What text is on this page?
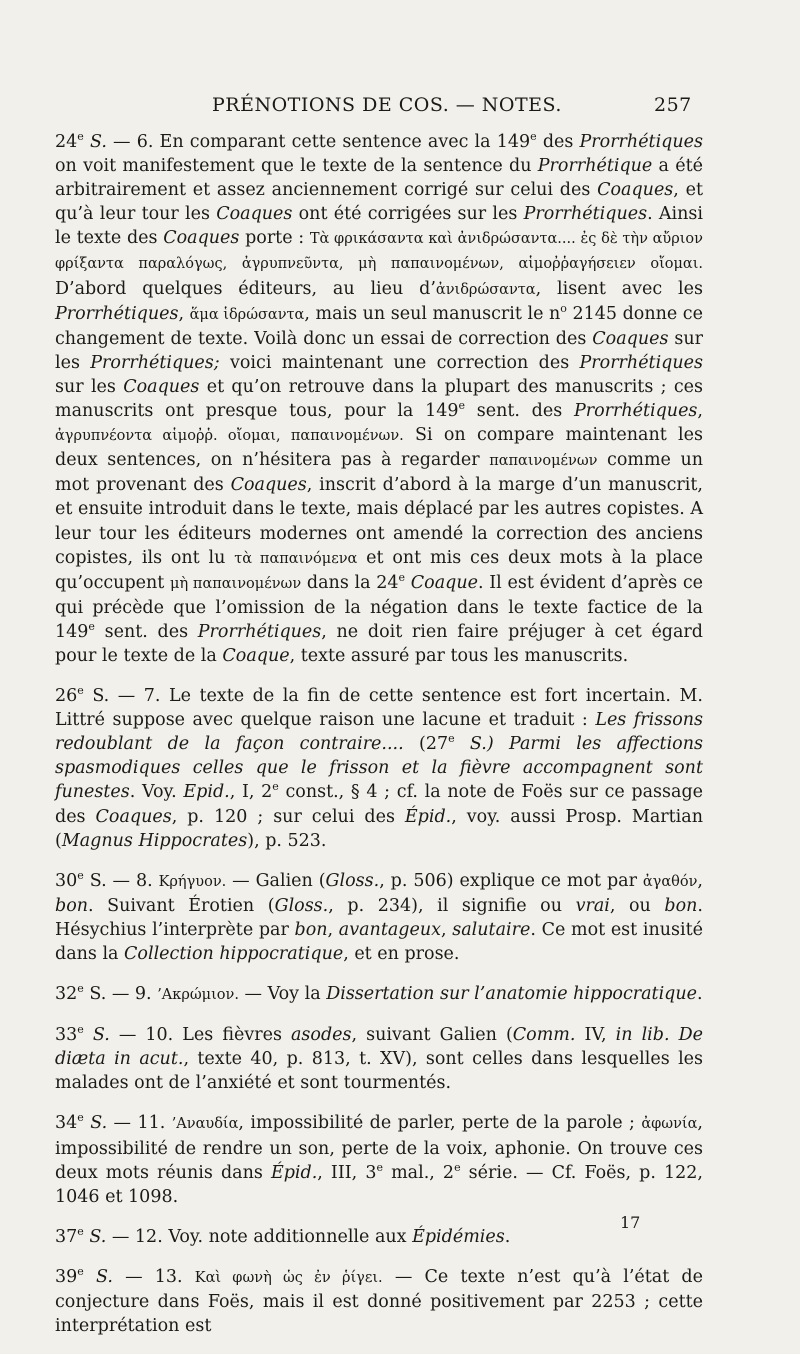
PRÉNOTIONS DE COS. — NOTES.	257

24e S. — 6. En comparant cette sentence avec la 149e des Prorrhétiques on voit manifestement que le texte de la sentence du Prorrhétique a été arbitrairement et assez anciennement corrigé sur celui des Coaques, et qu’à leur tour les Coaques ont été corrigées sur les Prorrhétiques. Ainsi le texte des Coaques porte : Τὰ φρικάσαντα καὶ ἀνιδρώσαντα.... ἐς δὲ τὴν αὔριον φρίξαντα παραλόγως, ἀγρυπνεῦντα, μὴ παπαινομένων, αἱμοῤῥαγήσειεν οἴομαι. D’abord quelques éditeurs, au lieu d’ἀνιδρώσαντα, lisent avec les Prorrhétiques, ἅμα ἱδρώσαντα, mais un seul manuscrit le $n^o$ 2145 donne ce changement de texte. Voilà donc un essai de correction des Coaques sur les Prorrhétiques; voici maintenant une correction des Prorrhétiques sur les Coaques et qu’on retrouve dans la plupart des manuscrits ; ces manuscrits ont presque tous, pour la 149e sent. des Prorrhétiques, ἀγρυπνέοντα αἱμοῤῥ. οἴομαι, παπαινομένων. Si on compare maintenant les deux sentences, on n’hésitera pas à regarder παπαινομένων comme un mot provenant des Coaques, inscrit d’abord à la marge d’un manuscrit, et ensuite introduit dans le texte, mais déplacé par les autres copistes. A leur tour les éditeurs modernes ont amendé la correction des anciens copistes, ils ont lu τὰ παπαινόμενα et ont mis ces deux mots à la place qu’occupent μὴ παπαινομένων dans la 24e Coaque. Il est évident d’après ce qui précède que l’omission de la négation dans le texte factice de la 149e sent. des Prorrhétiques, ne doit rien faire préjuger à cet égard pour le texte de la Coaque, texte assuré par tous les manuscrits.

26e S. — 7. Le texte de la fin de cette sentence est fort incertain. M. Littré suppose avec quelque raison une lacune et traduit : Les frissons redoublant de la façon contraire.... (27e S.) Parmi les affections spasmodiques celles que le frisson et la fièvre accompagnent sont funestes. Voy. Epid., I, 2e const., § 4 ; cf. la note de Foës sur ce passage des Coaques, p. 120 ; sur celui des Épid., voy. aussi Prosp. Martian (Magnus Hippocrates), p. 523.

30e S. — 8. Κρήγυον. — Galien (Gloss., p. 506) explique ce mot par ἀγαθόν, bon. Suivant Érotien (Gloss., p. 234), il signifie ou vrai, ou bon. Hésychius l’interprète par bon, avantageux, salutaire. Ce mot est inusité dans la Collection hippocratique, et en prose.

32e S. — 9. ’Ακρώμιον. — Voy la Dissertation sur l’anatomie hippocratique.

33e S. — 10. Les fièvres asodes, suivant Galien (Comm. IV, in lib. De diæta in acut., texte 40, p. 813, t. XV), sont celles dans lesquelles les malades ont de l’anxiété et sont tourmentés.

34e S. — 11. ’Αναυδία, impossibilité de parler, perte de la parole ; ἀφωνία, impossibilité de rendre un son, perte de la voix, aphonie. On trouve ces deux mots réunis dans Épid., III, 3e mal., 2e série. — Cf. Foës, p. 122, 1046 et 1098.

37e S. — 12. Voy. note additionnelle aux Épidémies.

39e S. — 13. Καὶ φωνὴ ὡς ἐν ῥίγει. — Ce texte n’est qu’à l’état de conjecture dans Foës, mais il est donné positivement par 2253 ; cette interprétation est

17
